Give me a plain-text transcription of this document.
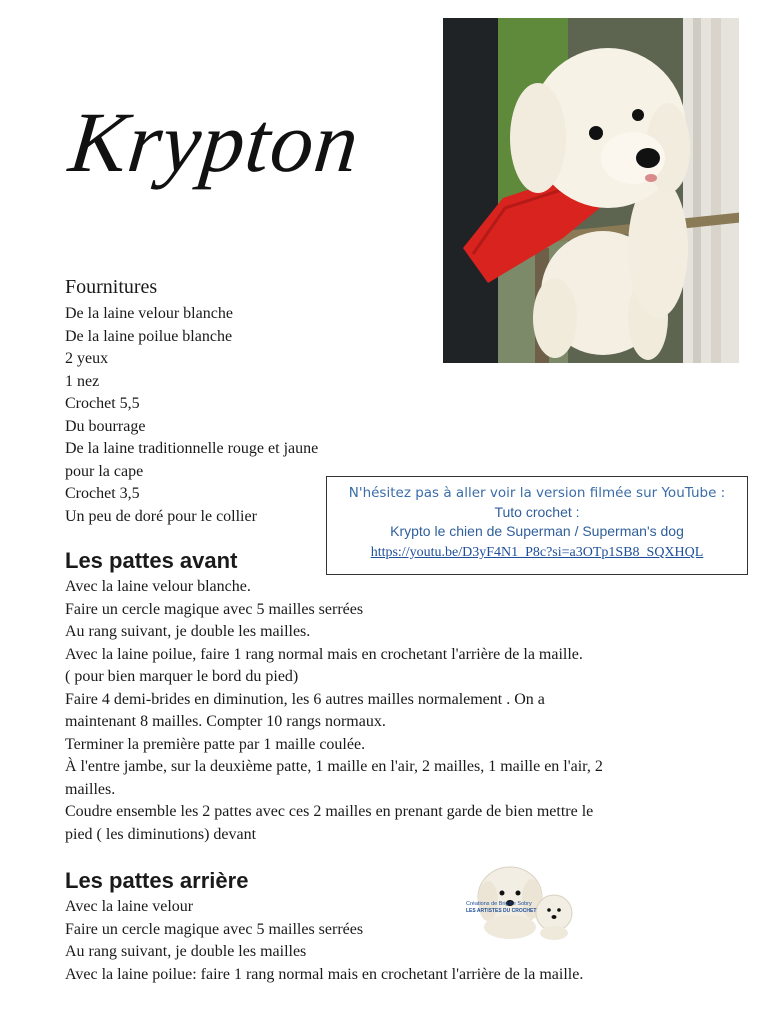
Krypton
Fournitures
De la laine velour blanche
De la laine poilue blanche
2 yeux
1 nez
Crochet 5,5
Du bourrage
De la laine traditionnelle rouge et jaune
pour la cape
Crochet 3,5
Un peu de doré pour le collier
N'hésitez pas à aller voir la version filmée sur YouTube :
Tuto crochet :
Krypto le chien de Superman / Superman's dog
https://youtu.be/D3yF4N1_P8c?si=a3OTp1SB8_SQXHQL
Les pattes avant

Avec la laine velour blanche.

Faire un cercle magique avec 5 mailles serrées

Au rang suivant, je double les mailles.

Avec la laine poilue, faire 1 rang normal mais en crochetant l'arrière de la maille.

( pour bien marquer le bord du pied)

Faire 4 demi-brides en diminution, les 6 autres mailles normalement . On a

maintenant 8 mailles. Compter 10 rangs normaux.

Terminer la première patte par 1 maille coulée.

À l'entre jambe, sur la deuxième patte, 1 maille en l'air, 2 mailles, 1 maille en l'air, 2

mailles.

Coudre ensemble les 2 pattes avec ces 2 mailles en prenant garde de bien mettre le

pied ( les diminutions) devant

Les pattes arrière

Avec la laine velour

Faire un cercle magique avec 5 mailles serrées

Au rang suivant, je double les mailles

Avec la laine poilue: faire 1 rang normal mais en crochetant l'arrière de la maille.

Créations de Brigitte Sobry
LES ARTISTES DU CROCHET
